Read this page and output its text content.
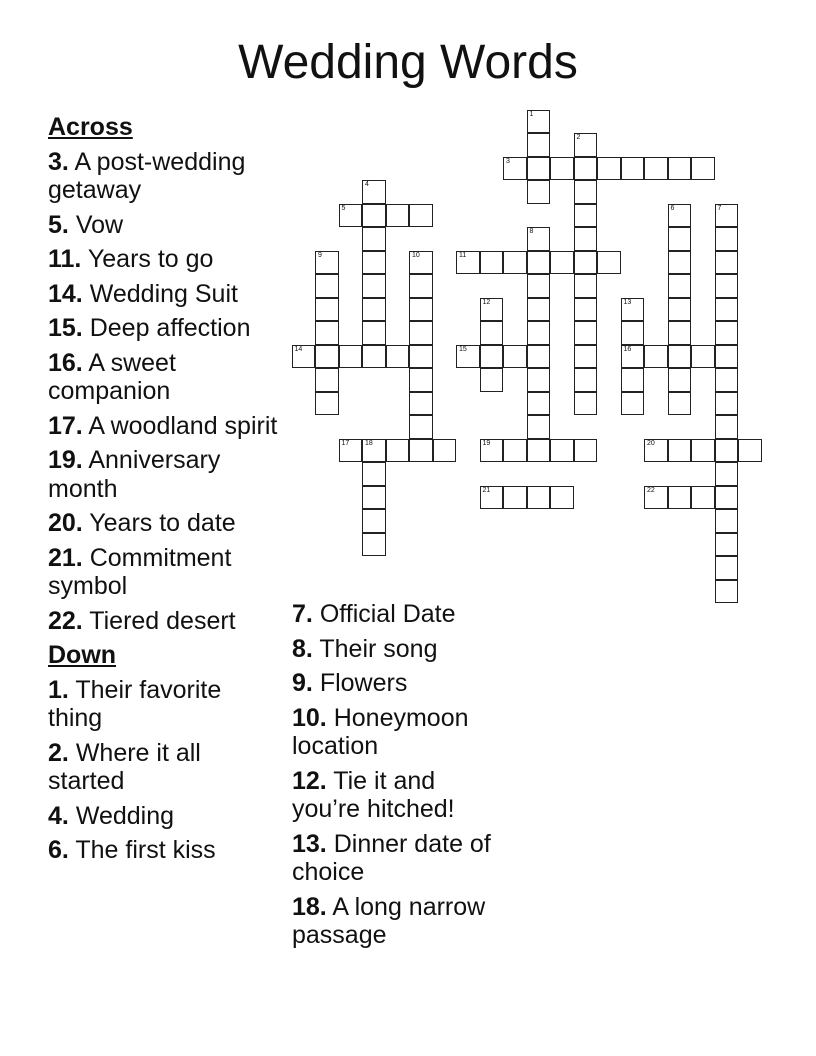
Wedding Words
Across
3. A post-wedding getaway
5. Vow
11. Years to go
14. Wedding Suit
15. Deep affection
16. A sweet companion
17. A woodland spirit
19. Anniversary month
20. Years to date
21. Commitment symbol
22. Tiered desert
Down
1. Their favorite thing
2. Where it all started
4. Wedding
6. The first kiss
7. Official Date
8. Their song
9. Flowers
10. Honeymoon location
12. Tie it and you’re hitched!
13. Dinner date of choice
18. A long narrow passage
1
2
3
4
5	6	7
8
9	10	11
12	13
16
14	15
17 18	19	20
21	22
